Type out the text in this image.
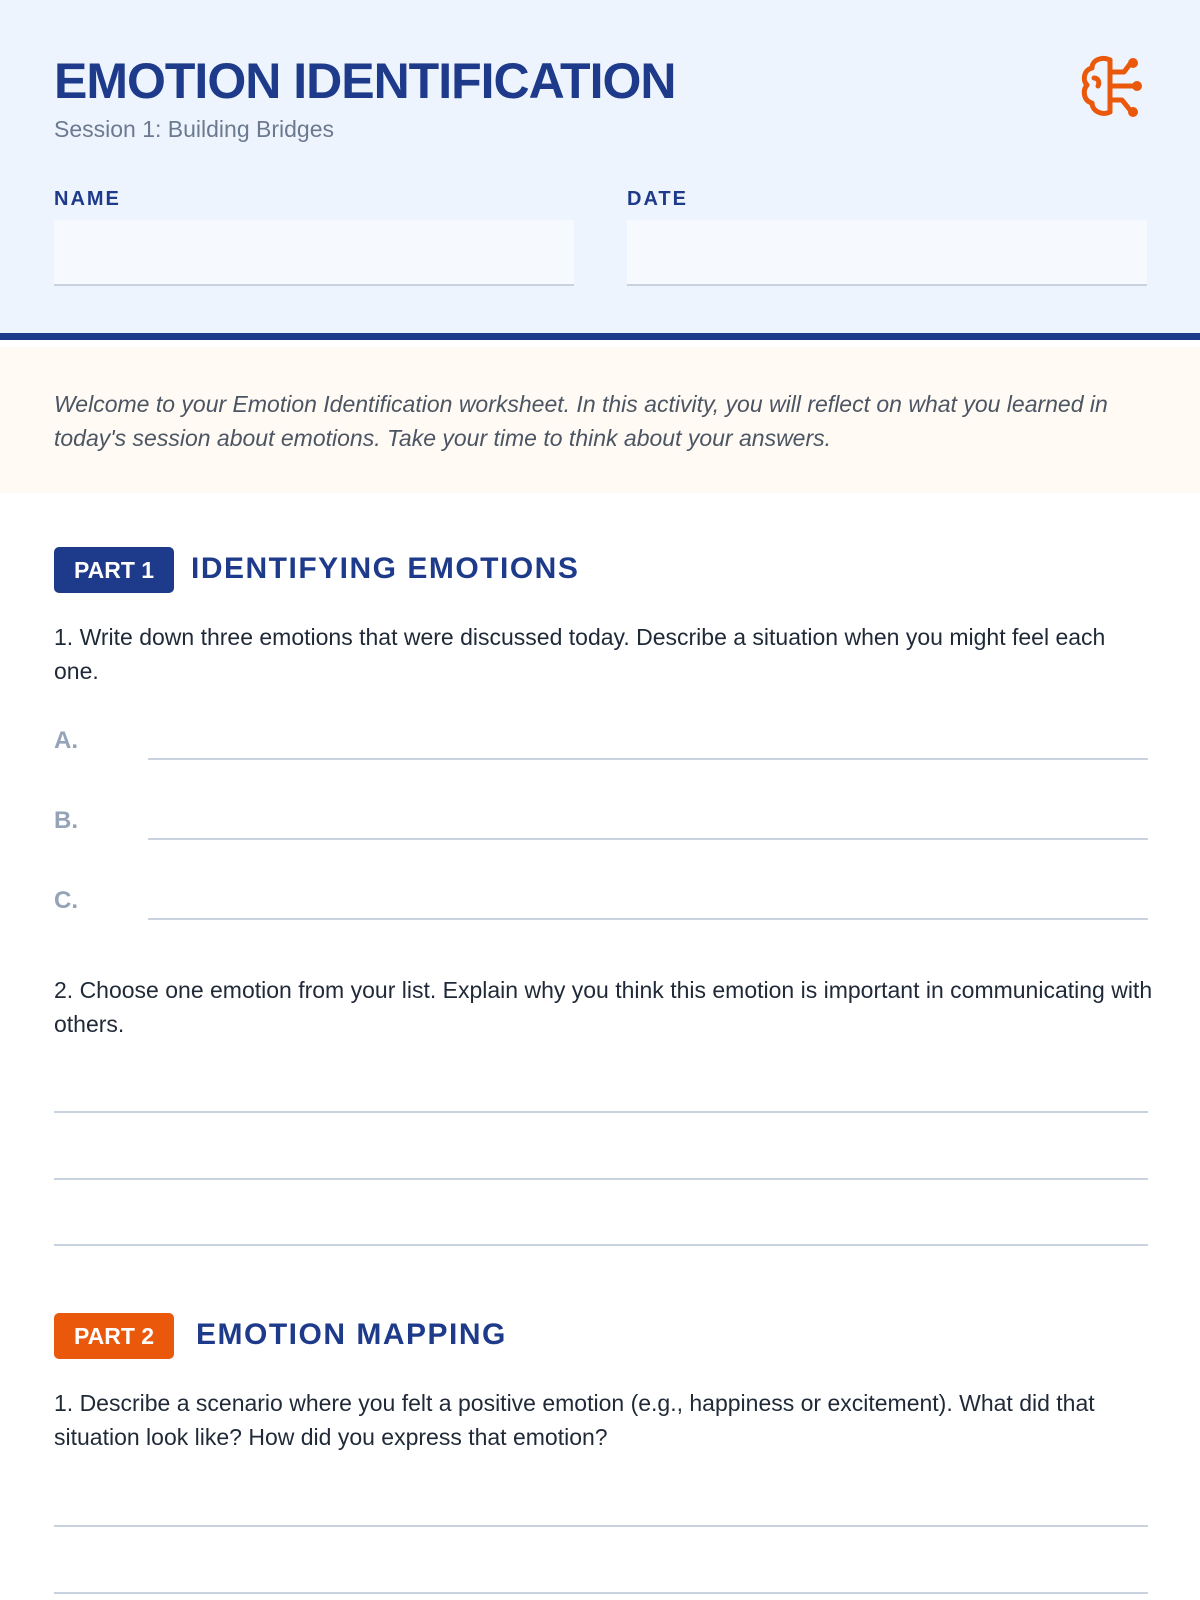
EMOTION IDENTIFICATION
Session 1: Building Bridges
NAME	DATE
Welcome to your Emotion Identification worksheet. In this activity, you will reflect on what you learned in today's session about emotions. Take your time to think about your answers.
PART 1	IDENTIFYING EMOTIONS
1. Write down three emotions that were discussed today. Describe a situation when you might feel each one.
A.
B.
C.
2. Choose one emotion from your list. Explain why you think this emotion is important in communicating with others.
PART 2	EMOTION MAPPING
1. Describe a scenario where you felt a positive emotion (e.g., happiness or excitement). What did that situation look like? How did you express that emotion?
